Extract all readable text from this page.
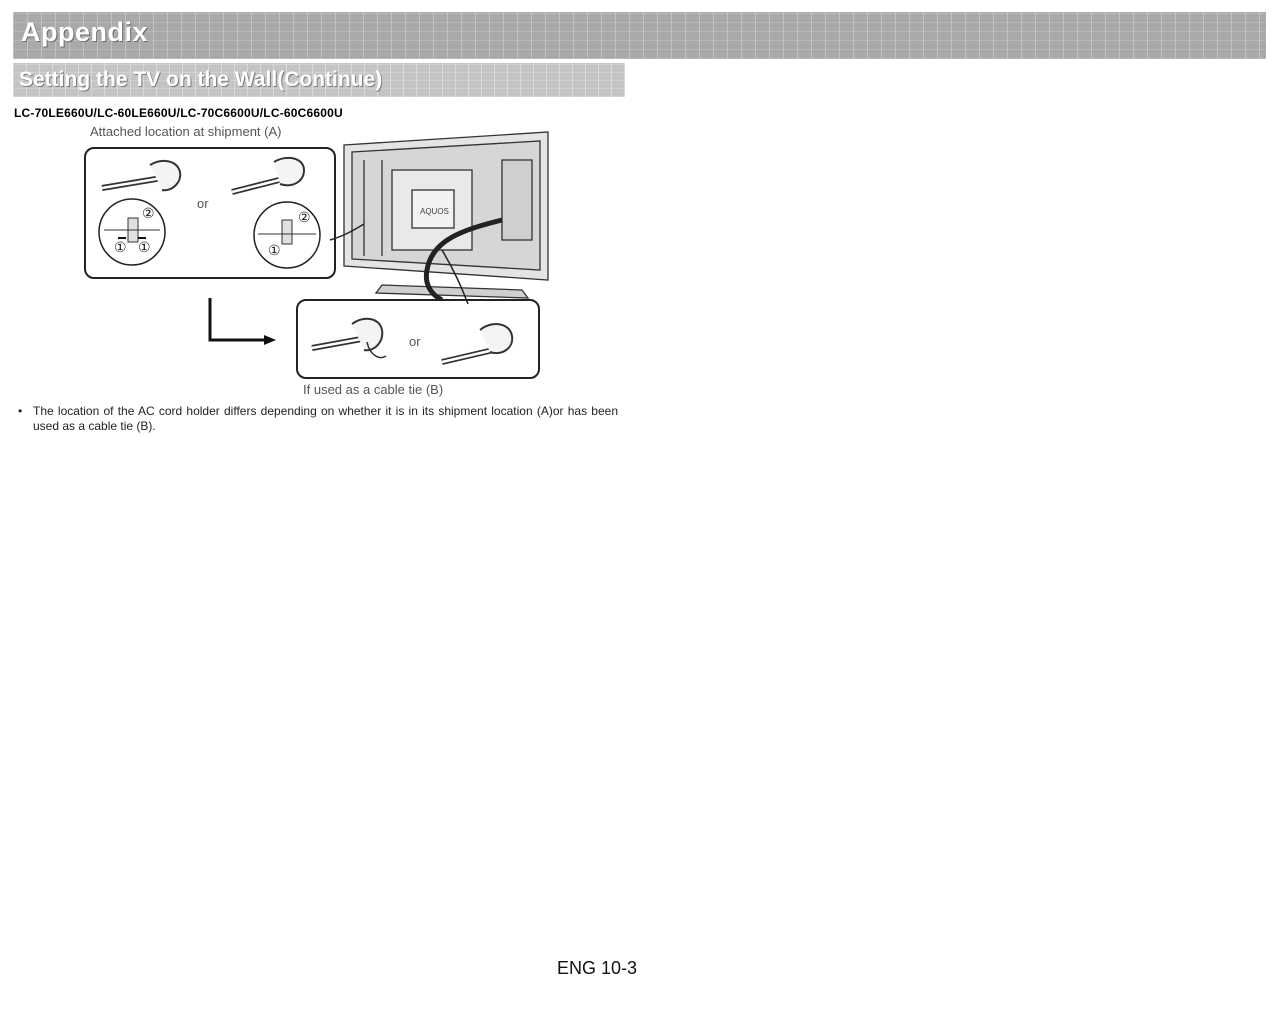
Appendix
Setting the TV on the Wall(Continue)
LC-70LE660U/LC-60LE660U/LC-70C6600U/LC-60C6600U
Attached location at shipment (A)
AQUOS
②
① ①
or
②
①
or
If used as a cable tie (B)
• The location of the AC cord holder differs depending on whether it is in its shipment location (A)or has been used as a cable tie (B).
ENG 10-3
